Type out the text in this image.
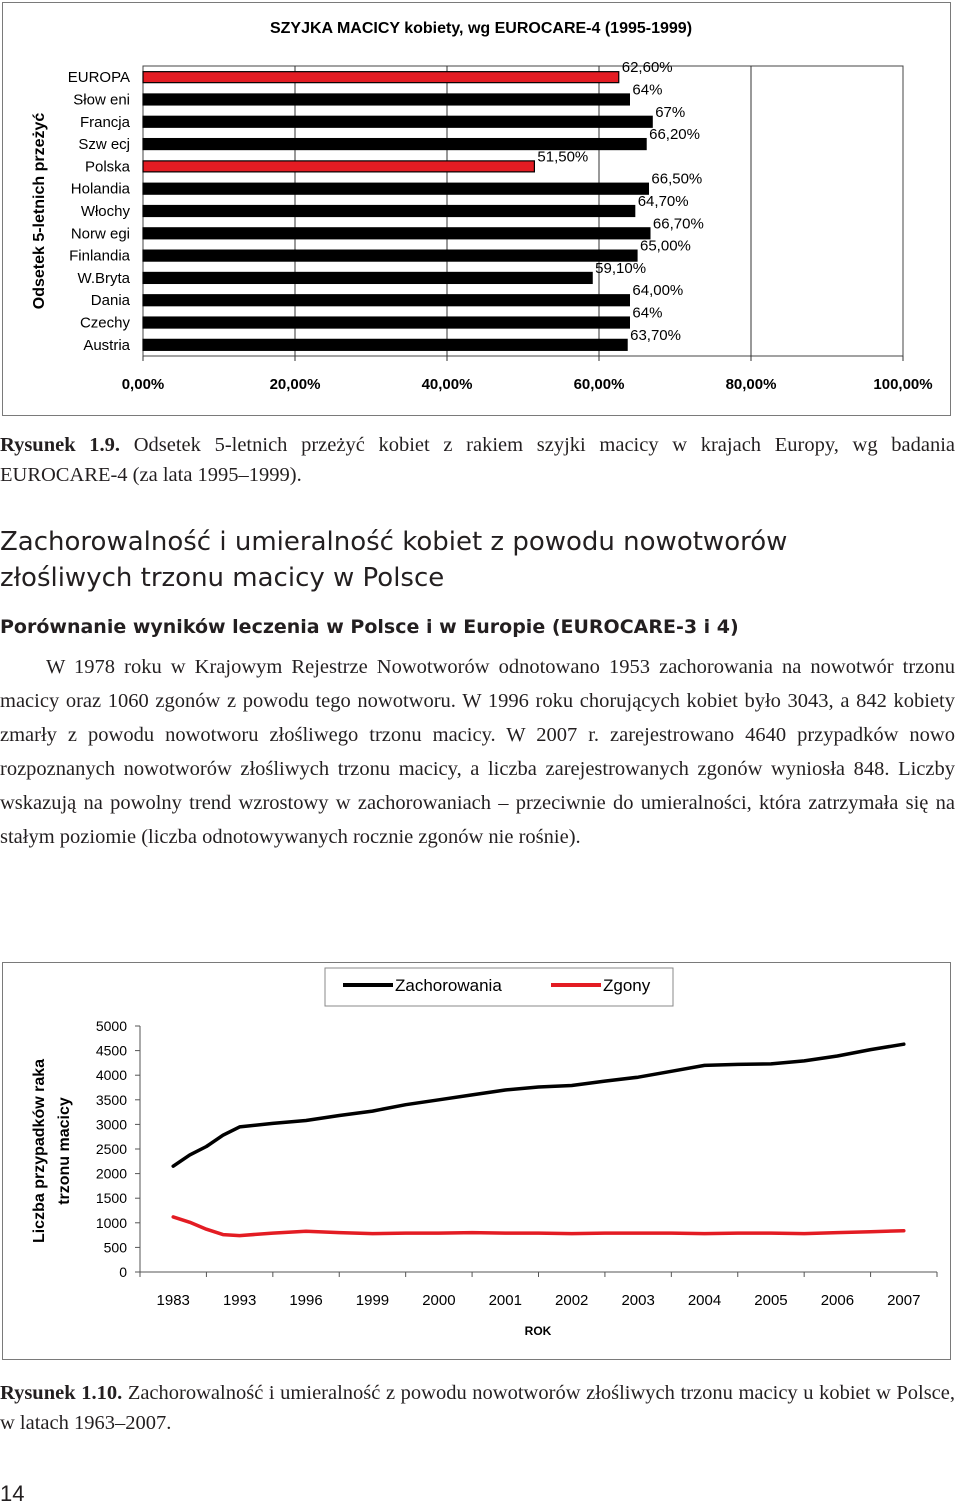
SZYJKA MACICY kobiety, wg EUROCARE-4 (1995-1999)
Odsetek 5-letnich przeżyć
0,00%	20,00%	40,00%	60,00%	80,00%	100,00%
EUROPA
62,60%
Słow eni
64%
Francja
67%
Szw ecj
66,20%
Polska
51,50%
Holandia
66,50%
Włochy
64,70%
Norw egi
66,70%
Finlandia
65,00%
W.Bryta
59,10%
Dania
64,00%
Czechy
64%
Austria
63,70%
Rysunek 1.9. Odsetek 5-letnich przeżyć kobiet z rakiem szyjki macicy w krajach Europy, wg badania EUROCARE-4 (za lata 1995–1999).
Zachorowalność i umieralność kobiet z powodu nowotworów złośliwych trzonu macicy w Polsce
Porównanie wyników leczenia w Polsce i w Europie (EUROCARE-3 i 4)

W 1978 roku w Krajowym Rejestrze Nowotworów odnotowano 1953 zachorowania na nowotwór trzonu macicy oraz 1060 zgonów z powodu tego nowotworu. W 1996 roku chorujących kobiet było 3043, a 842 kobiety zmarły z powodu nowotworu złośliwego trzonu macicy. W 2007 r. zarejestrowano 4640 przypadków nowo rozpoznanych nowotworów złośliwych trzonu macicy, a liczba zarejestrowanych zgonów wyniosła 848. Liczby wskazują na powolny trend wzrostowy w zachorowaniach – przeciwnie do umieralności, która zatrzymała się na stałym poziomie (liczba odnotowywanych rocznie zgonów nie rośnie).

Zachorowania	Zgony
Liczba przypadków raka trzonu macicy
5000
4500
4000
3500
3000
2500
2000
1500
1000
500
0
1983 1993 1996 1999 2000 2001 2002 2003 2004 2005 2006 2007
ROK
Rysunek 1.10. Zachorowalność i umieralność z powodu nowotworów złośliwych trzonu macicy u kobiet w Polsce, w latach 1963–2007.
14
